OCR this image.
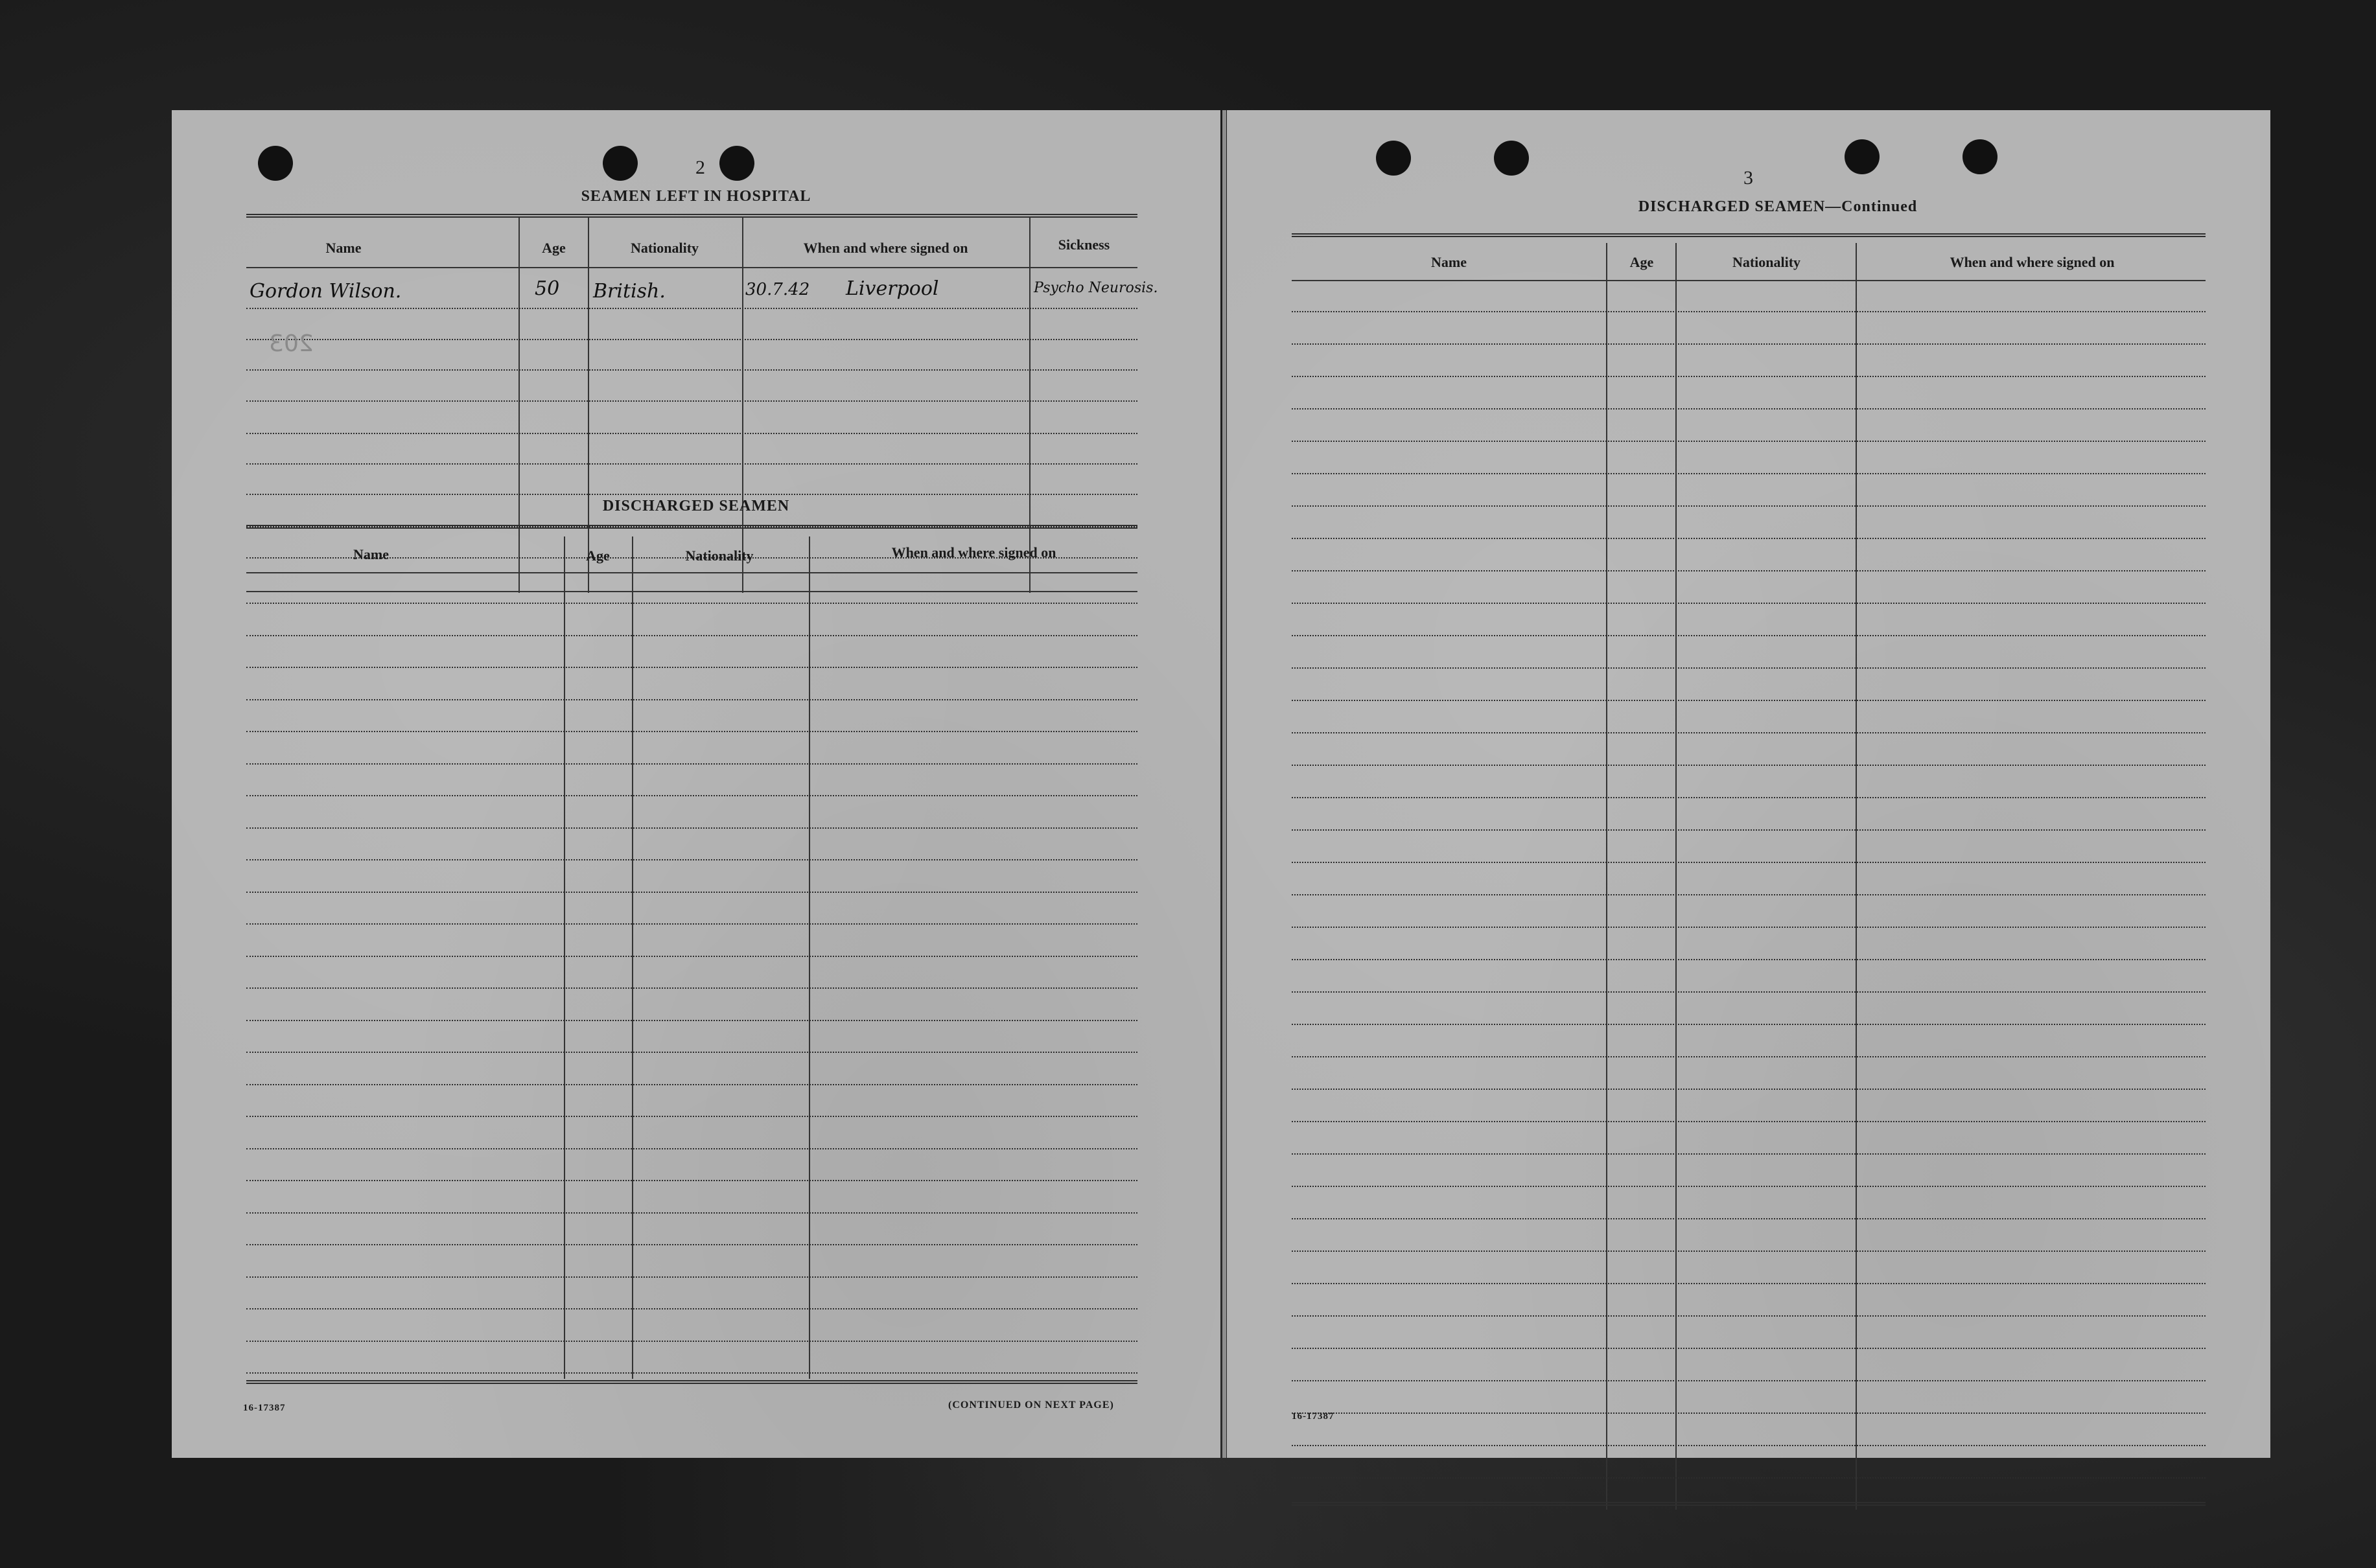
2
SEAMEN LEFT IN HOSPITAL
Name	Age	Nationality	When and where signed on	Sickness
Gordon Wilson.	50 British.	30.7.42 Liverpool	Psycho Neurosis.
203
DISCHARGED SEAMEN
Name	Age	Nationality	When and where signed on
16-17387	(CONTINUED ON NEXT PAGE)
3
DISCHARGED SEAMEN—Continued
Name	Age	Nationality	When and where signed on
16-17387
